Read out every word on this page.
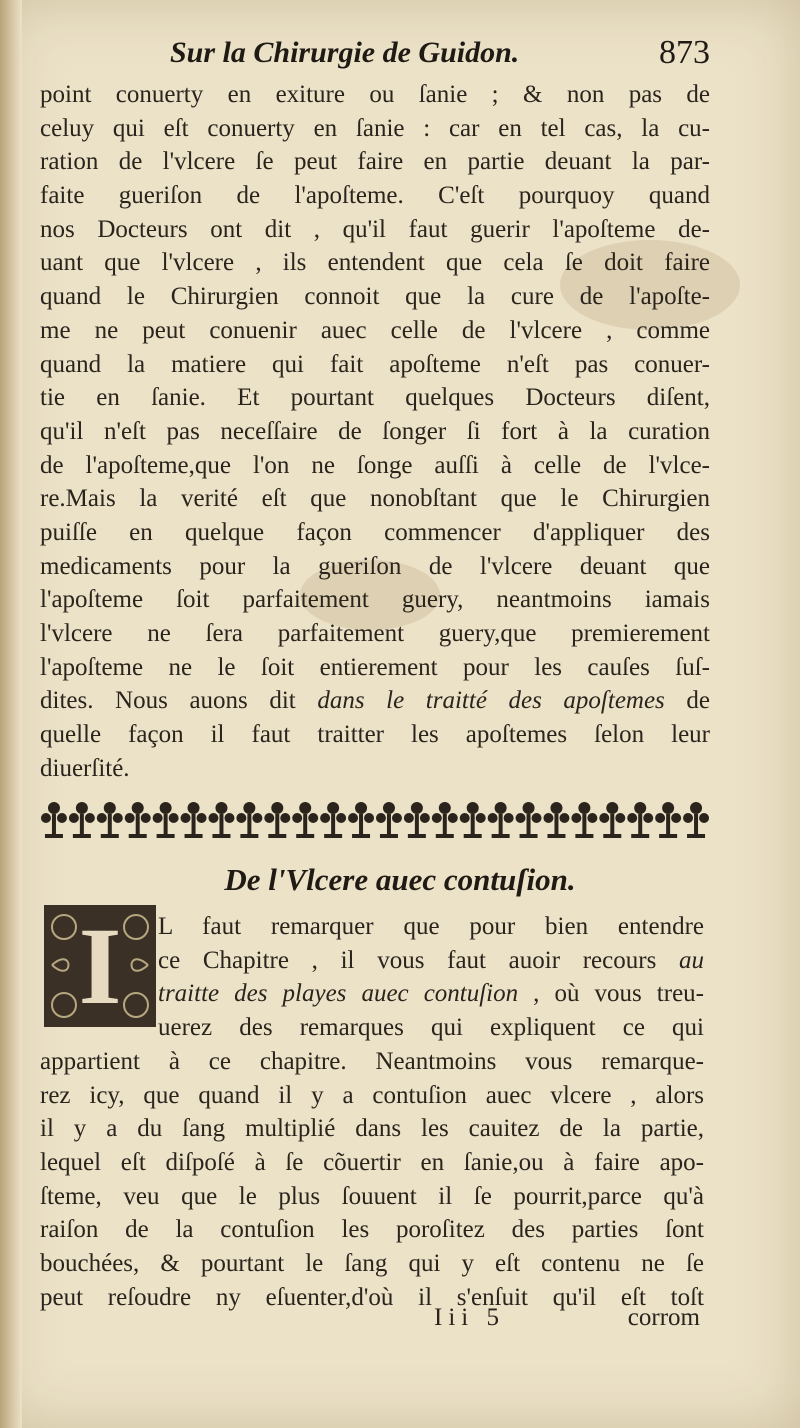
Sur la Chirurgie de Guidon.	873
point conuerty en exiture ou ſanie ; & non pas de
celuy qui eſt conuerty en ſanie : car en tel cas, la cu-
ration de l'vlcere ſe peut faire en partie deuant la par-
faite gueriſon de l'apoſteme. C'eſt pourquoy quand
nos Docteurs ont dit , qu'il faut guerir l'apoſteme de-
uant que l'vlcere , ils entendent que cela ſe doit faire
quand le Chirurgien connoit que la cure de l'apoſte-
me ne peut conuenir auec celle de l'vlcere , comme
quand la matiere qui fait apoſteme n'eſt pas conuer-
tie en ſanie. Et pourtant quelques Docteurs diſent,
qu'il n'eſt pas neceſſaire de ſonger ſi fort à la curation
de l'apoſteme,que l'on ne ſonge auſſi à celle de l'vlce-
re.Mais la verité eſt que nonobſtant que le Chirurgien
puiſſe en quelque façon commencer d'appliquer des
medicaments pour la gueriſon de l'vlcere deuant que
l'apoſteme ſoit parfaitement guery, neantmoins iamais
l'vlcere ne ſera parfaitement guery,que premierement
l'apoſteme ne le ſoit entierement pour les cauſes ſuſ-
dites. Nous auons dit dans le traitté des apoſtemes de
quelle façon il faut traitter les apoſtemes ſelon leur
diuerſité.
De l'Vlcere auec contuſion.
I	L faut remarquer que pour bien entendre
ce Chapitre , il vous faut auoir recours au
traitte des playes auec contuſion , où vous treu-
uerez des remarques qui expliquent ce qui
appartient à ce chapitre. Neantmoins vous remarque-
rez icy, que quand il y a contuſion auec vlcere , alors
il y a du ſang multiplié dans les cauitez de la partie,
lequel eſt diſpoſé à ſe cõuertir en ſanie,ou à faire apo-
ſteme, veu que le plus ſouuent il ſe pourrit,parce qu'à
raiſon de la contuſion les poroſitez des parties ſont
bouchées, & pourtant le ſang qui y eſt contenu ne ſe
peut reſoudre ny eſuenter,d'où il s'enſuit qu'il eſt toſt
Iii 5	corrom
